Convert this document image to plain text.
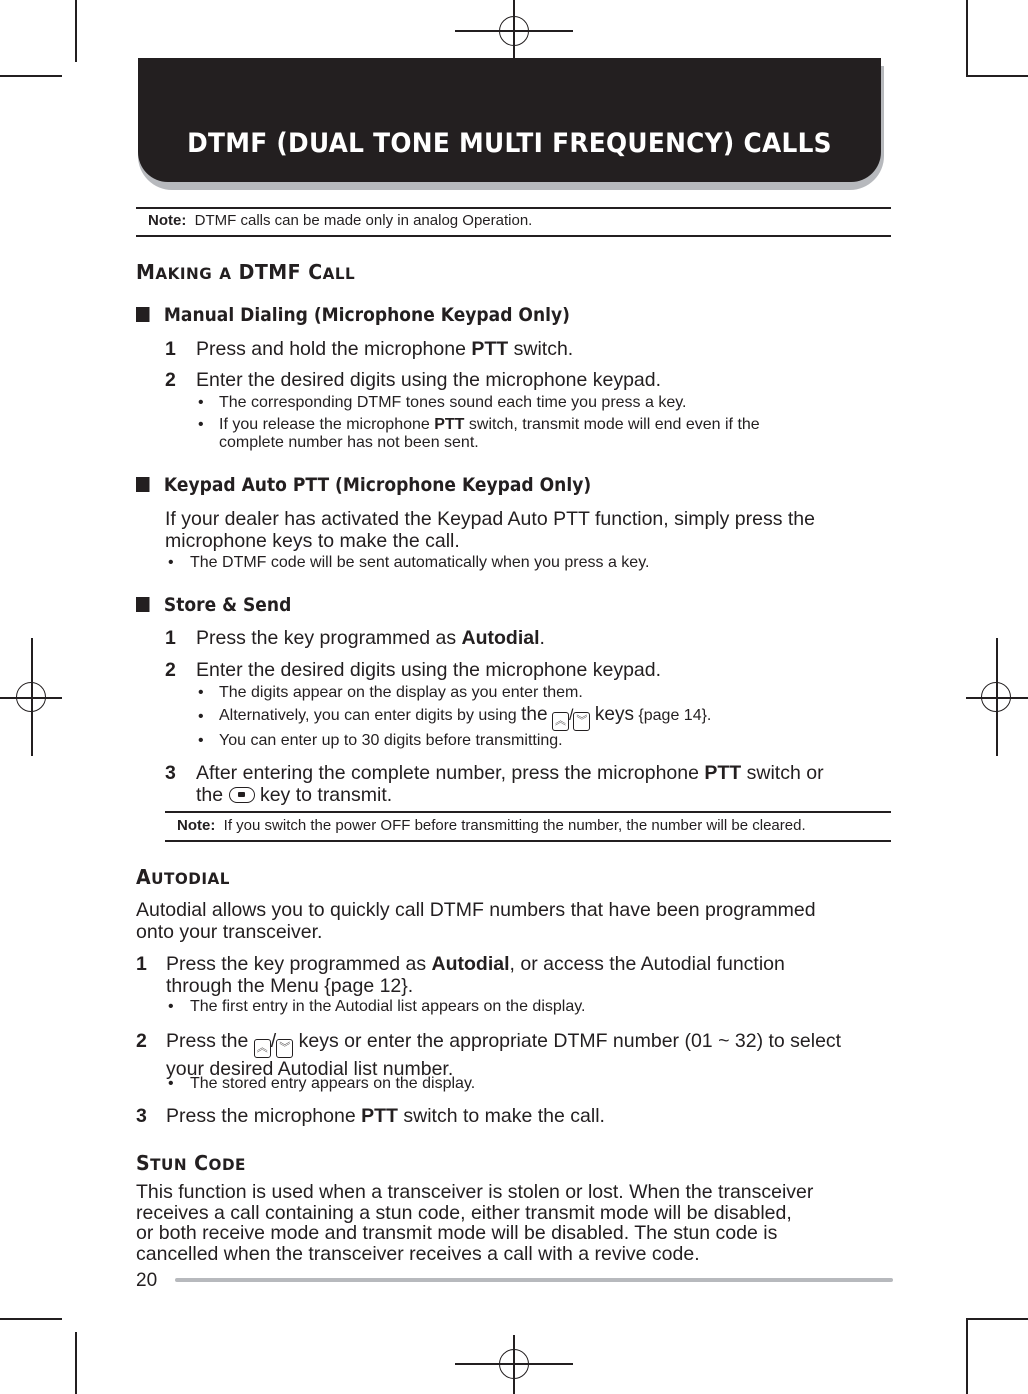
DTMF (DUAL TONE MULTI FREQUENCY) CALLS
Note: DTMF calls can be made only in analog Operation.
MAKING A DTMF CALL
Manual Dialing (Microphone Keypad Only)
1 Press and hold the microphone PTT switch.
2 Enter the desired digits using the microphone keypad.
• The corresponding DTMF tones sound each time you press a key.
• If you release the microphone PTT switch, transmit mode will end even if the
complete number has not been sent.
Keypad Auto PTT (Microphone Keypad Only)
If your dealer has activated the Keypad Auto PTT function, simply press the
microphone keys to make the call.
• The DTMF code will be sent automatically when you press a key.
Store & Send
1 Press the key programmed as Autodial.
2 Enter the desired digits using the microphone keypad.
• The digits appear on the display as you enter them.
• Alternatively, you can enter digits by using the ︽ / ︾ keys {page 14}.
• You can enter up to 30 digits before transmitting.
3 After entering the complete number, press the microphone PTT switch or
the key to transmit.
Note: If you switch the power OFF before transmitting the number, the number will be cleared.
AUTODIAL
Autodial allows you to quickly call DTMF numbers that have been programmed
onto your transceiver.
1 Press the key programmed as Autodial, or access the Autodial function
through the Menu {page 12}.
• The first entry in the Autodial list appears on the display.
2 Press the ︽ / ︾ keys or enter the appropriate DTMF number (01 ~ 32) to select
your desired Autodial list number.
• The stored entry appears on the display.
3 Press the microphone PTT switch to make the call.
STUN CODE
This function is used when a transceiver is stolen or lost. When the transceiver
receives a call containing a stun code, either transmit mode will be disabled,
or both receive mode and transmit mode will be disabled. The stun code is
cancelled when the transceiver receives a call with a revive code.
20
